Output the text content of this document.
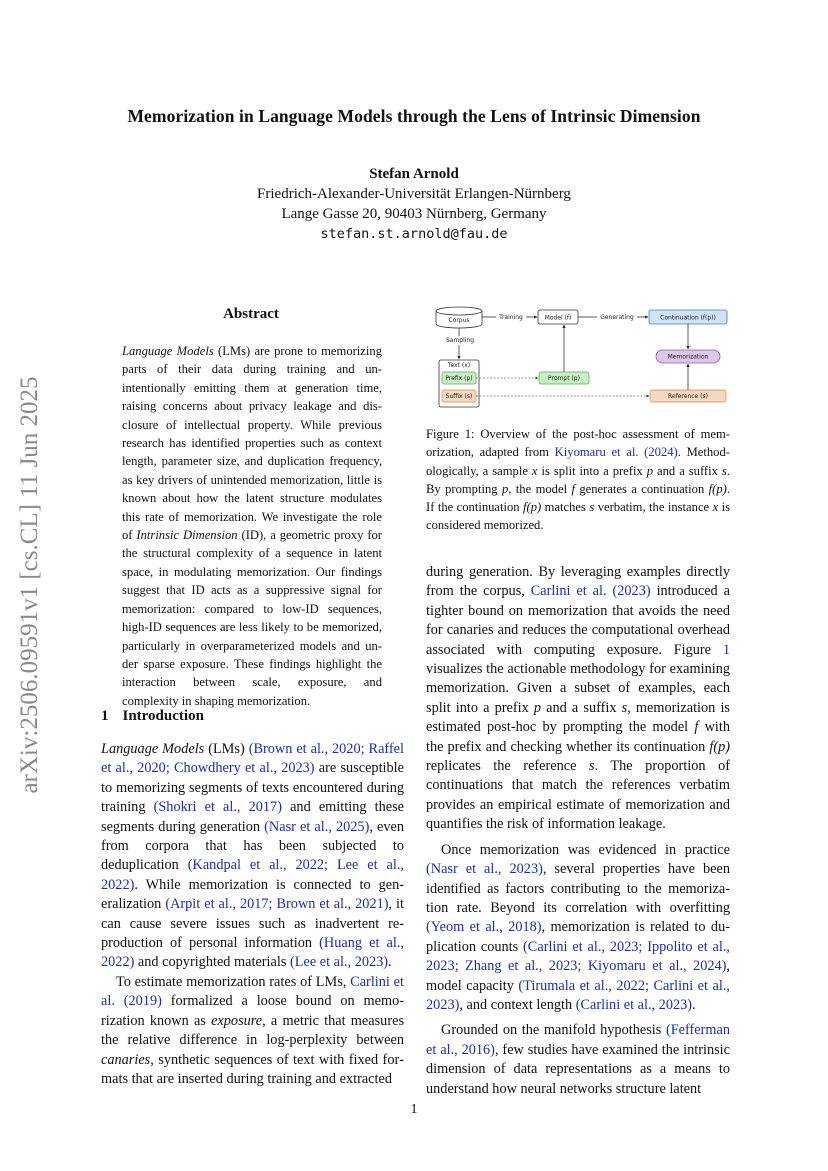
Memorization in Language Models through the Lens of Intrinsic Dimension
Stefan Arnold
Friedrich-Alexander-Universität Erlangen-Nürnberg
Lange Gasse 20, 90403 Nürnberg, Germany
stefan.st.arnold@fau.de
arXiv:2506.09591v1 [cs.CL] 11 Jun 2025
Abstract
Language Models (LMs) are prone to memorizing parts of their data during training and unintentionally emitting them at generation time, raising concerns about privacy leakage and disclosure of intellectual property. While previous research has identified properties such as context length, parameter size, and duplication frequency, as key drivers of unintended memorization, little is known about how the latent structure modulates this rate of memorization. We investigate the role of Intrinsic Dimension (ID), a geometric proxy for the structural complexity of a sequence in latent space, in modulating memorization. Our findings suggest that ID acts as a suppressive signal for memorization: compared to low-ID sequences, high-ID sequences are less likely to be memorized, particularly in overparameterized models and under sparse exposure. These findings highlight the interaction between scale, exposure, and complexity in shaping memorization.
1 Introduction

Language Models (LMs) (Brown et al., 2020; Raffel et al., 2020; Chowdhery et al., 2023) are susceptible to memorizing segments of texts encountered during training (Shokri et al., 2017) and emitting these segments during generation (Nasr et al., 2025), even from corpora that has been subjected to deduplication (Kandpal et al., 2022; Lee et al., 2022). While memorization is connected to generalization (Arpit et al., 2017; Brown et al., 2021), it can cause severe issues such as inadvertent reproduction of personal information (Huang et al., 2022) and copyrighted materials (Lee et al., 2023).

To estimate memorization rates of LMs, Carlini et al. (2019) formalized a loose bound on memorization known as exposure, a metric that measures the relative difference in log-perplexity between canaries, synthetic sequences of text with fixed formats that are inserted during training and extracted

Corpus	Training	Model (f)	Generating	Continuation (f(p))
Sampling
Text (x)
Prefix (p)
Suffix (s)
Prompt (p)
Reference (s)
Memorization
Figure 1: Overview of the post-hoc assessment of memorization, adapted from Kiyomaru et al. (2024). Methodologically, a sample x is split into a prefix p and a suffix s. By prompting p, the model f generates a continuation f(p). If the continuation f(p) matches s verbatim, the instance x is considered memorized.

during generation. By leveraging examples directly from the corpus, Carlini et al. (2023) introduced a tighter bound on memorization that avoids the need for canaries and reduces the computational overhead associated with computing exposure. Figure 1 visualizes the actionable methodology for examining memorization. Given a subset of examples, each split into a prefix p and a suffix s, memorization is estimated post-hoc by prompting the model f with the prefix and checking whether its continuation f(p) replicates the reference s. The proportion of continuations that match the references verbatim provides an empirical estimate of memorization and quantifies the risk of information leakage.

Once memorization was evidenced in practice (Nasr et al., 2023), several properties have been identified as factors contributing to the memorization rate. Beyond its correlation with overfitting (Yeom et al., 2018), memorization is related to duplication counts (Carlini et al., 2023; Ippolito et al., 2023; Zhang et al., 2023; Kiyomaru et al., 2024), model capacity (Tirumala et al., 2022; Carlini et al., 2023), and context length (Carlini et al., 2023).

Grounded on the manifold hypothesis (Fefferman et al., 2016), few studies have examined the intrinsic dimension of data representations as a means to understand how neural networks structure latent

1
